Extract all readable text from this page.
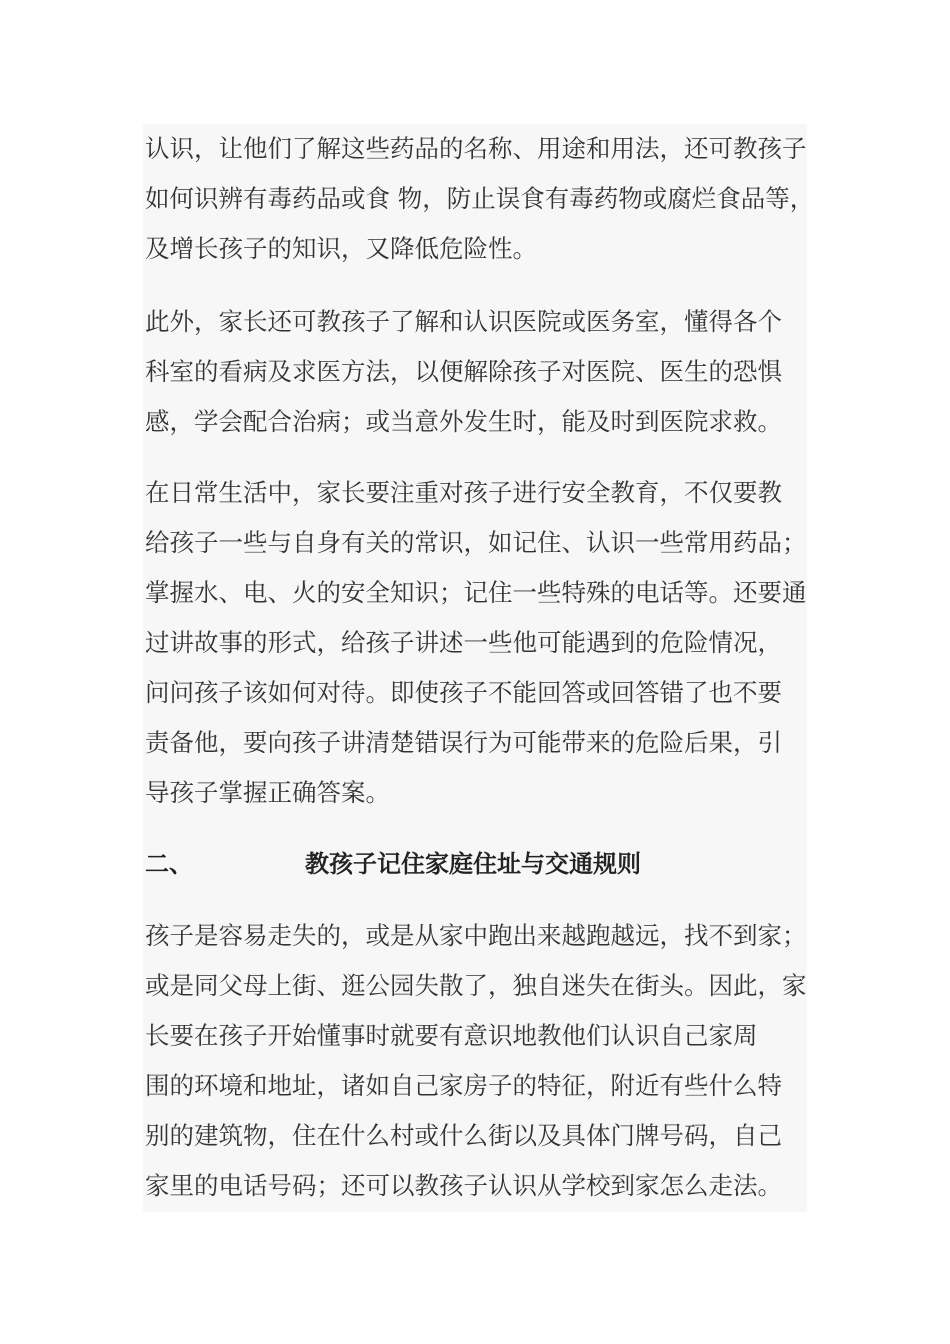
认识，让他们了解这些药品的名称、用途和用法，还可教孩子
如何识辨有毒药品或食 物，防止误食有毒药物或腐烂食品等，
及增长孩子的知识，又降低危险性。
此外，家长还可教孩子了解和认识医院或医务室，懂得各个
科室的看病及求医方法，以便解除孩子对医院、医生的恐惧
感，学会配合治病；或当意外发生时，能及时到医院求救。
在日常生活中，家长要注重对孩子进行安全教育，不仅要教
给孩子一些与自身有关的常识，如记住、认识一些常用药品；
掌握水、电、火的安全知识；记住一些特殊的电话等。还要通
过讲故事的形式，给孩子讲述一些他可能遇到的危险情况，
问问孩子该如何对待。即使孩子不能回答或回答错了也不要
责备他，要向孩子讲清楚错误行为可能带来的危险后果，引
导孩子掌握正确答案。
二、	教孩子记住家庭住址与交通规则
孩子是容易走失的，或是从家中跑出来越跑越远，找不到家；
或是同父母上街、逛公园失散了，独自迷失在街头。因此，家
长要在孩子开始懂事时就要有意识地教他们认识自己家周
围的环境和地址，诸如自己家房子的特征，附近有些什么特
别的建筑物，住在什么村或什么街以及具体门牌号码，自己
家里的电话号码；还可以教孩子认识从学校到家怎么走法。
